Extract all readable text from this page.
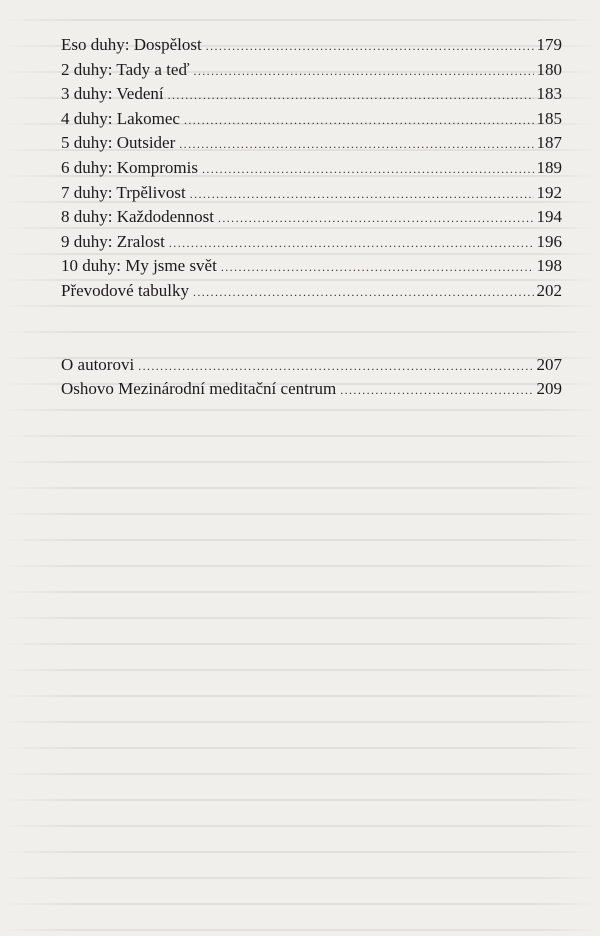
Eso duhy: Dospělost .....	179
2 duhy: Tady a teď .....	180
3 duhy: Vedení .....	183
4 duhy: Lakomec .....	185
5 duhy: Outsider .....	187
6 duhy: Kompromis .....	189
7 duhy: Trpělivost .....	192
8 duhy: Každodennost .....	194
9 duhy: Zralost .....	196
10 duhy: My jsme svět .....	198
Převodové tabulky .....	202
O autorovi .....	207
Oshovo Mezinárodní meditační centrum .....	209
